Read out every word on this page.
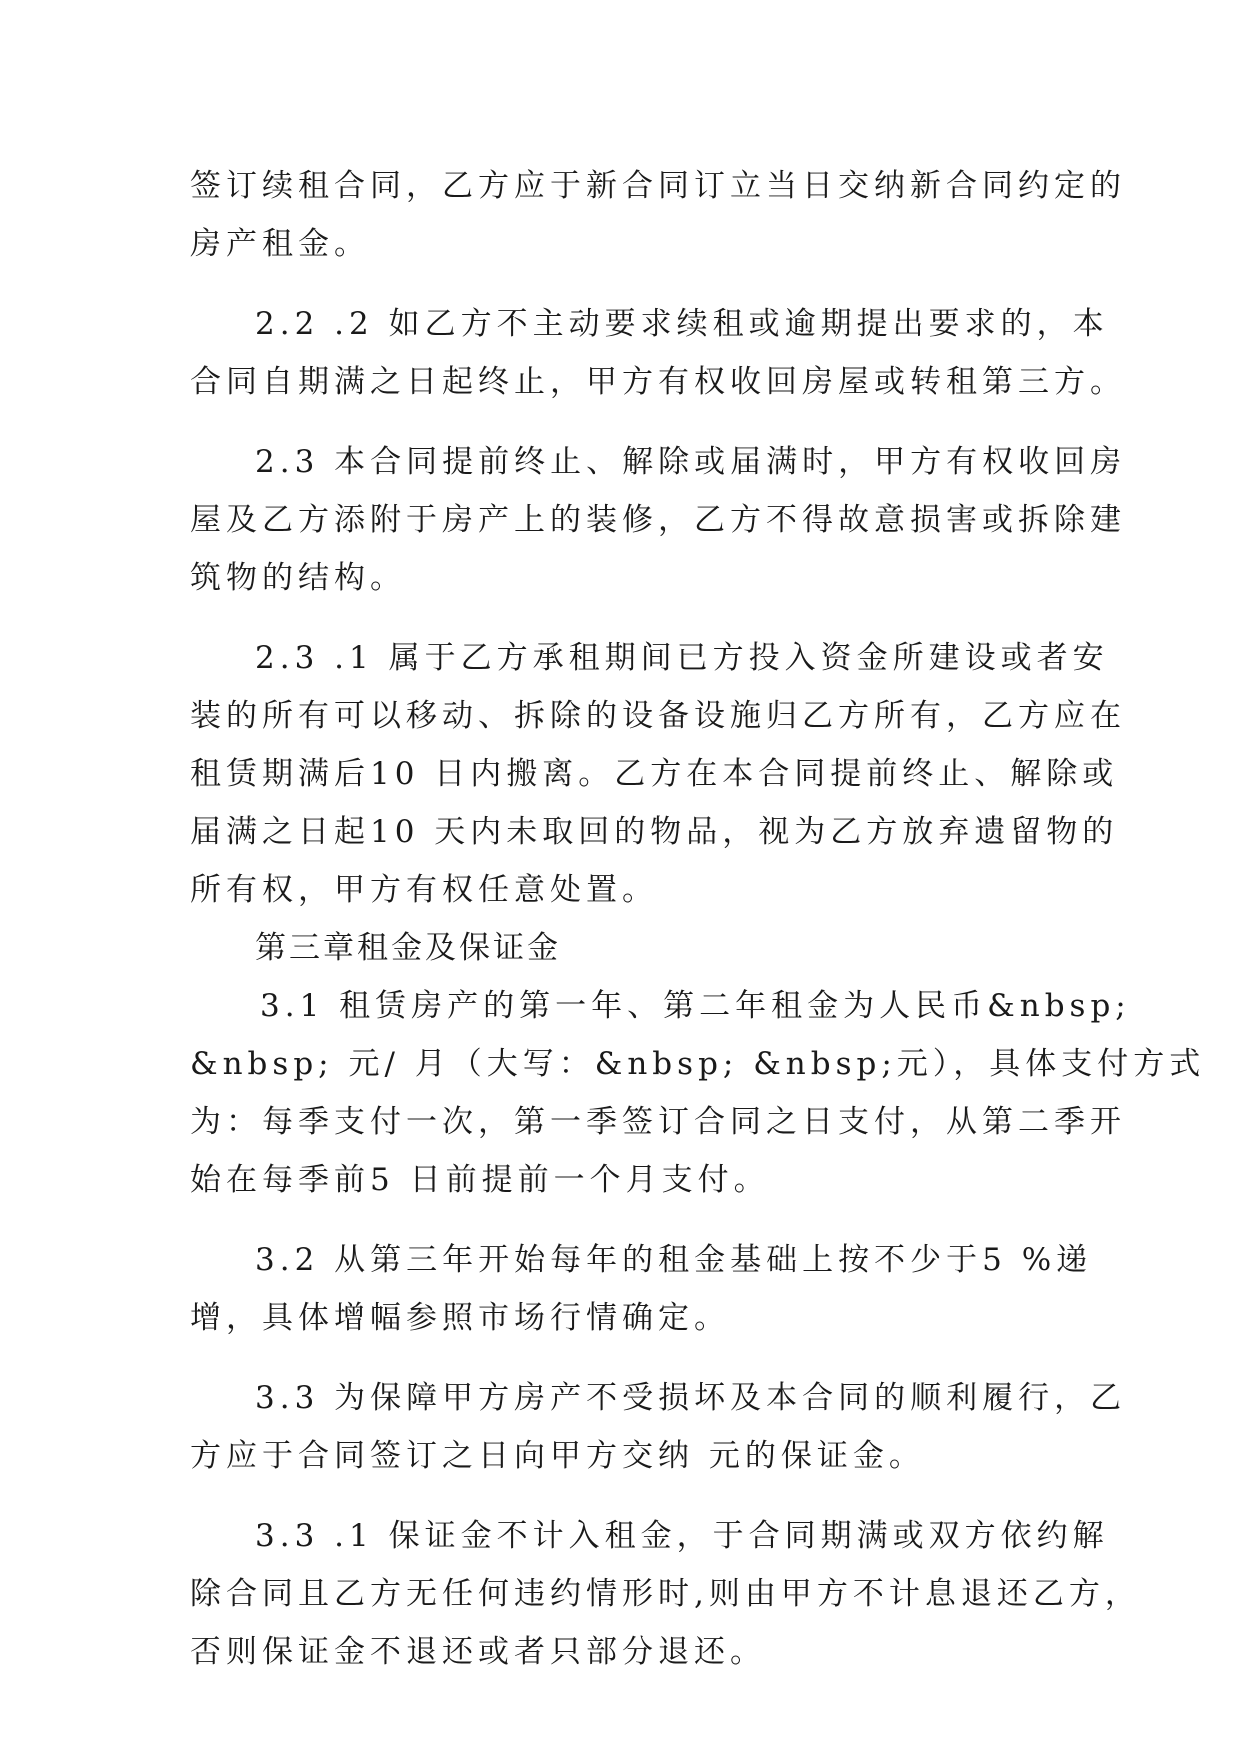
签订续租合同，乙方应于新合同订立当日交纳新合同约定的

房产租金。

2.2 .2 如乙方不主动要求续租或逾期提出要求的，本

合同自期满之日起终止，甲方有权收回房屋或转租第三方。

2.3 本合同提前终止、解除或届满时，甲方有权收回房

屋及乙方添附于房产上的装修，乙方不得故意损害或拆除建

筑物的结构。

2.3 .1 属于乙方承租期间已方投入资金所建设或者安

装的所有可以移动、拆除的设备设施归乙方所有，乙方应在

租赁期满后10 日内搬离。乙方在本合同提前终止、解除或

届满之日起10 天内未取回的物品，视为乙方放弃遗留物的

所有权，甲方有权任意处置。

第三章租金及保证金

3.1 租赁房产的第一年、第二年租金为人民币&nbsp;

&nbsp; 元/ 月（大写：&nbsp; &nbsp;元），具体支付方式

为：每季支付一次，第一季签订合同之日支付，从第二季开

始在每季前5 日前提前一个月支付。

3.2 从第三年开始每年的租金基础上按不少于5 %递

增，具体增幅参照市场行情确定。

3.3 为保障甲方房产不受损坏及本合同的顺利履行，乙

方应于合同签订之日向甲方交纳 元的保证金。

3.3 .1 保证金不计入租金，于合同期满或双方依约解

除合同且乙方无任何违约情形时,则由甲方不计息退还乙方，

否则保证金不退还或者只部分退还。
